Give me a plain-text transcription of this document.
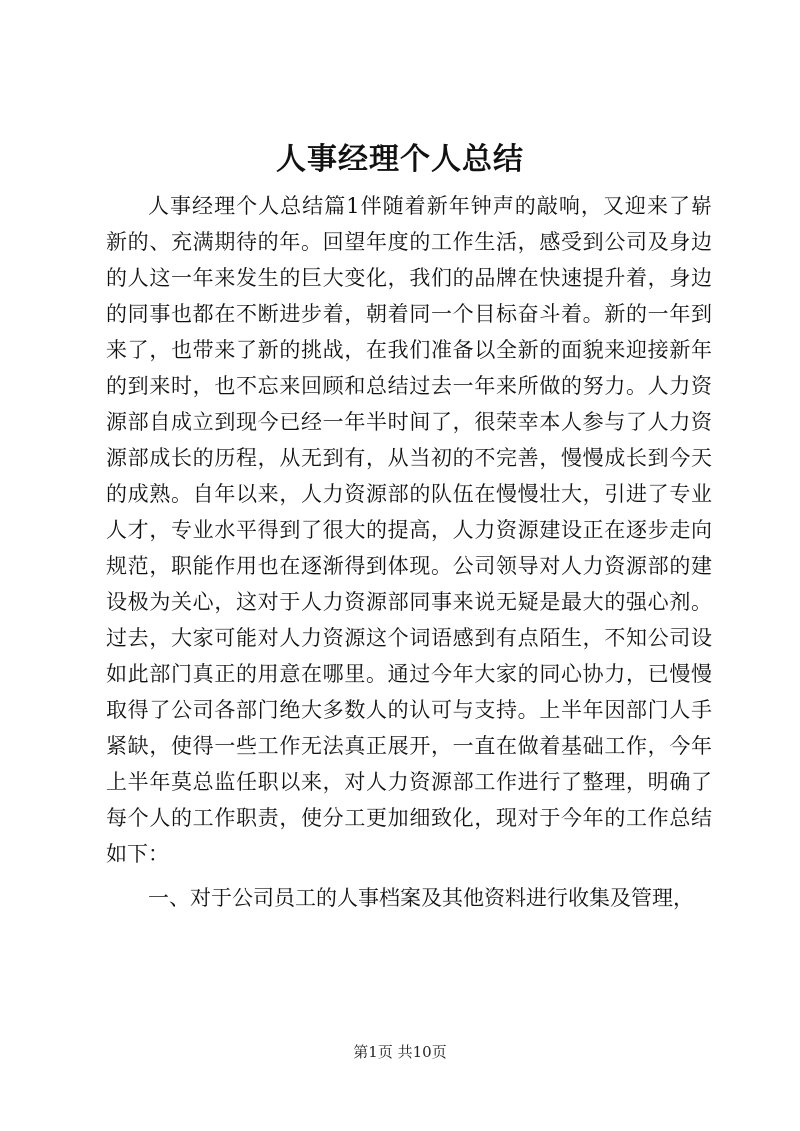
人事经理个人总结
人事经理个人总结篇1伴随着新年钟声的敲响，又迎来了崭
新的、充满期待的年。回望年度的工作生活，感受到公司及身边
的人这一年来发生的巨大变化，我们的品牌在快速提升着，身边
的同事也都在不断进步着，朝着同一个目标奋斗着。新的一年到
来了，也带来了新的挑战，在我们准备以全新的面貌来迎接新年
的到来时，也不忘来回顾和总结过去一年来所做的努力。人力资
源部自成立到现今已经一年半时间了，很荣幸本人参与了人力资
源部成长的历程，从无到有，从当初的不完善，慢慢成长到今天
的成熟。自年以来，人力资源部的队伍在慢慢壮大，引进了专业
人才，专业水平得到了很大的提高，人力资源建设正在逐步走向
规范，职能作用也在逐渐得到体现。公司领导对人力资源部的建
设极为关心，这对于人力资源部同事来说无疑是最大的强心剂。
过去，大家可能对人力资源这个词语感到有点陌生，不知公司设
如此部门真正的用意在哪里。通过今年大家的同心协力，已慢慢
取得了公司各部门绝大多数人的认可与支持。上半年因部门人手
紧缺，使得一些工作无法真正展开，一直在做着基础工作，今年
上半年莫总监任职以来，对人力资源部工作进行了整理，明确了
每个人的工作职责，使分工更加细致化，现对于今年的工作总结
如下：
一、对于公司员工的人事档案及其他资料进行收集及管理，
第1页 共10页
